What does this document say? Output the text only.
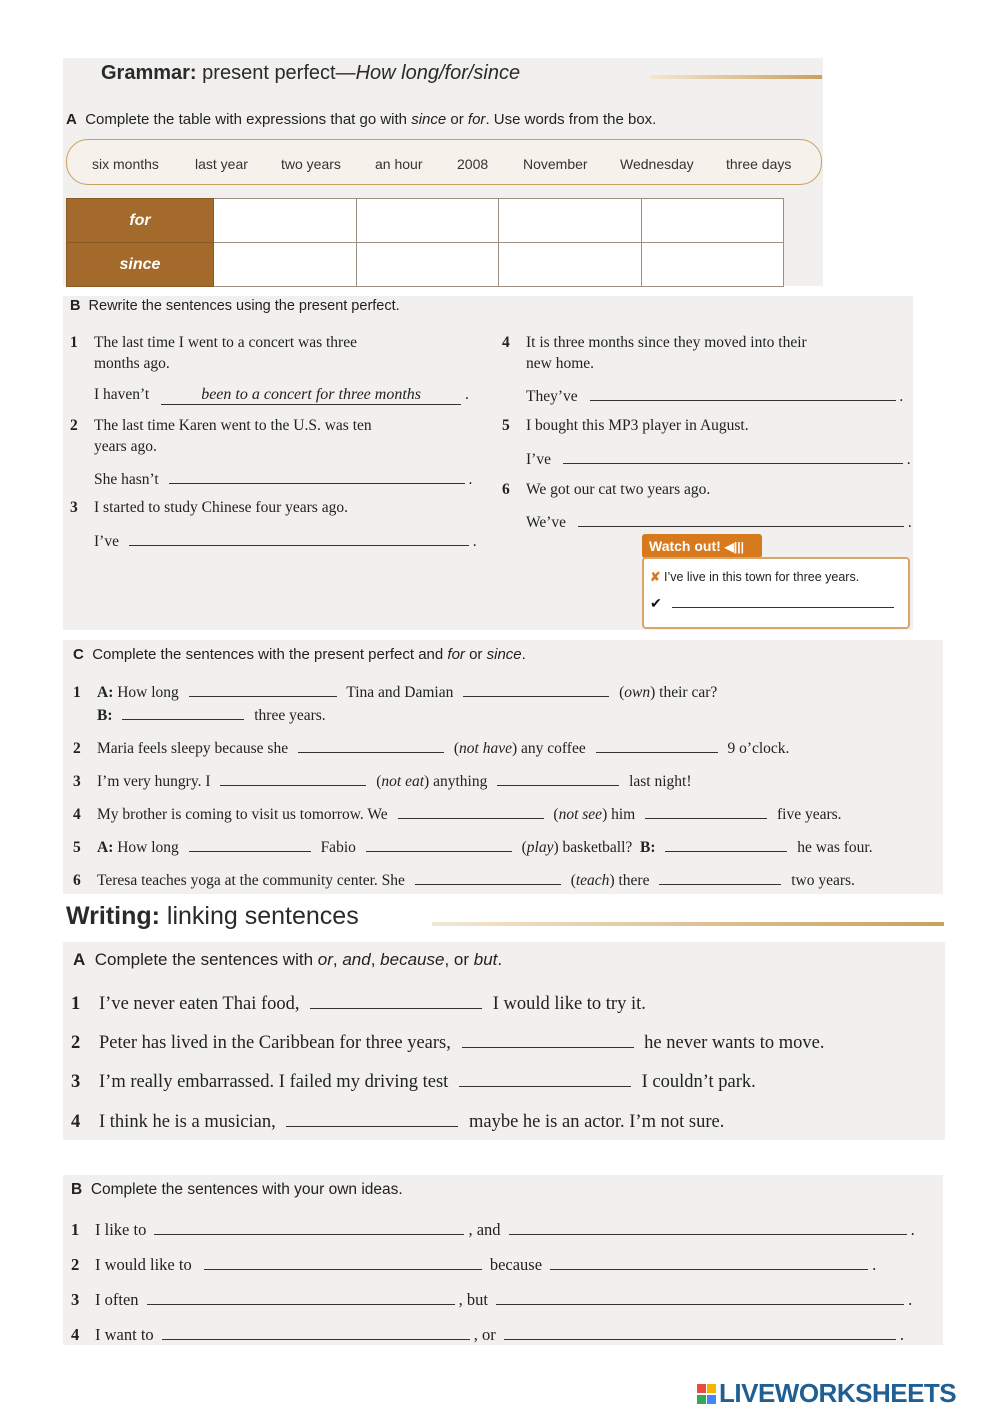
Grammar: present perfect—How long/for/since
A Complete the table with expressions that go with since or for. Use words from the box.
six months	last year two years an hour 2008 November Wednesday three days
for				
since				
B Rewrite the sentences using the present perfect.
1 The last time I went to a concert was three
months ago.
I haven’t	been to a concert for three months	.
2 The last time Karen went to the U.S. was ten
years ago.
She hasn’t	.
3 I started to study Chinese four years ago.
I’ve	.
4 It is three months since they moved into their
new home.
They’ve	.
5 I bought this MP3 player in August.
I’ve	.
6 We got our cat two years ago.
We’ve	.
Watch out! ◀|||
✘ I’ve live in this town for three years.
✔
C Complete the sentences with the present perfect and for or since.
1 A: How long	Tina and Damian	(own) their car?
B:	three years.
2 Maria feels sleepy because she	(not have) any coffee	9 o’clock.
3 I’m very hungry. I	(not eat) anything	last night!
4 My brother is coming to visit us tomorrow. We	(not see) him	five years.
5 A: How long	Fabio	(play) basketball? B:	he was four.
6 Teresa teaches yoga at the community center. She	(teach) there	two years.
Writing: linking sentences
A Complete the sentences with or, and, because, or but.
1 I’ve never eaten Thai food,	I would like to try it.
2 Peter has lived in the Caribbean for three years,	he never wants to move.
3 I’m really embarrassed. I failed my driving test	I couldn’t park.
4 I think he is a musician,	maybe he is an actor. I’m not sure.
B Complete the sentences with your own ideas.
1 I like to	, and	.
2 I would like to	because	.
3 I often	, but	.
4 I want to	, or	.
LIVEWORKSHEETS
